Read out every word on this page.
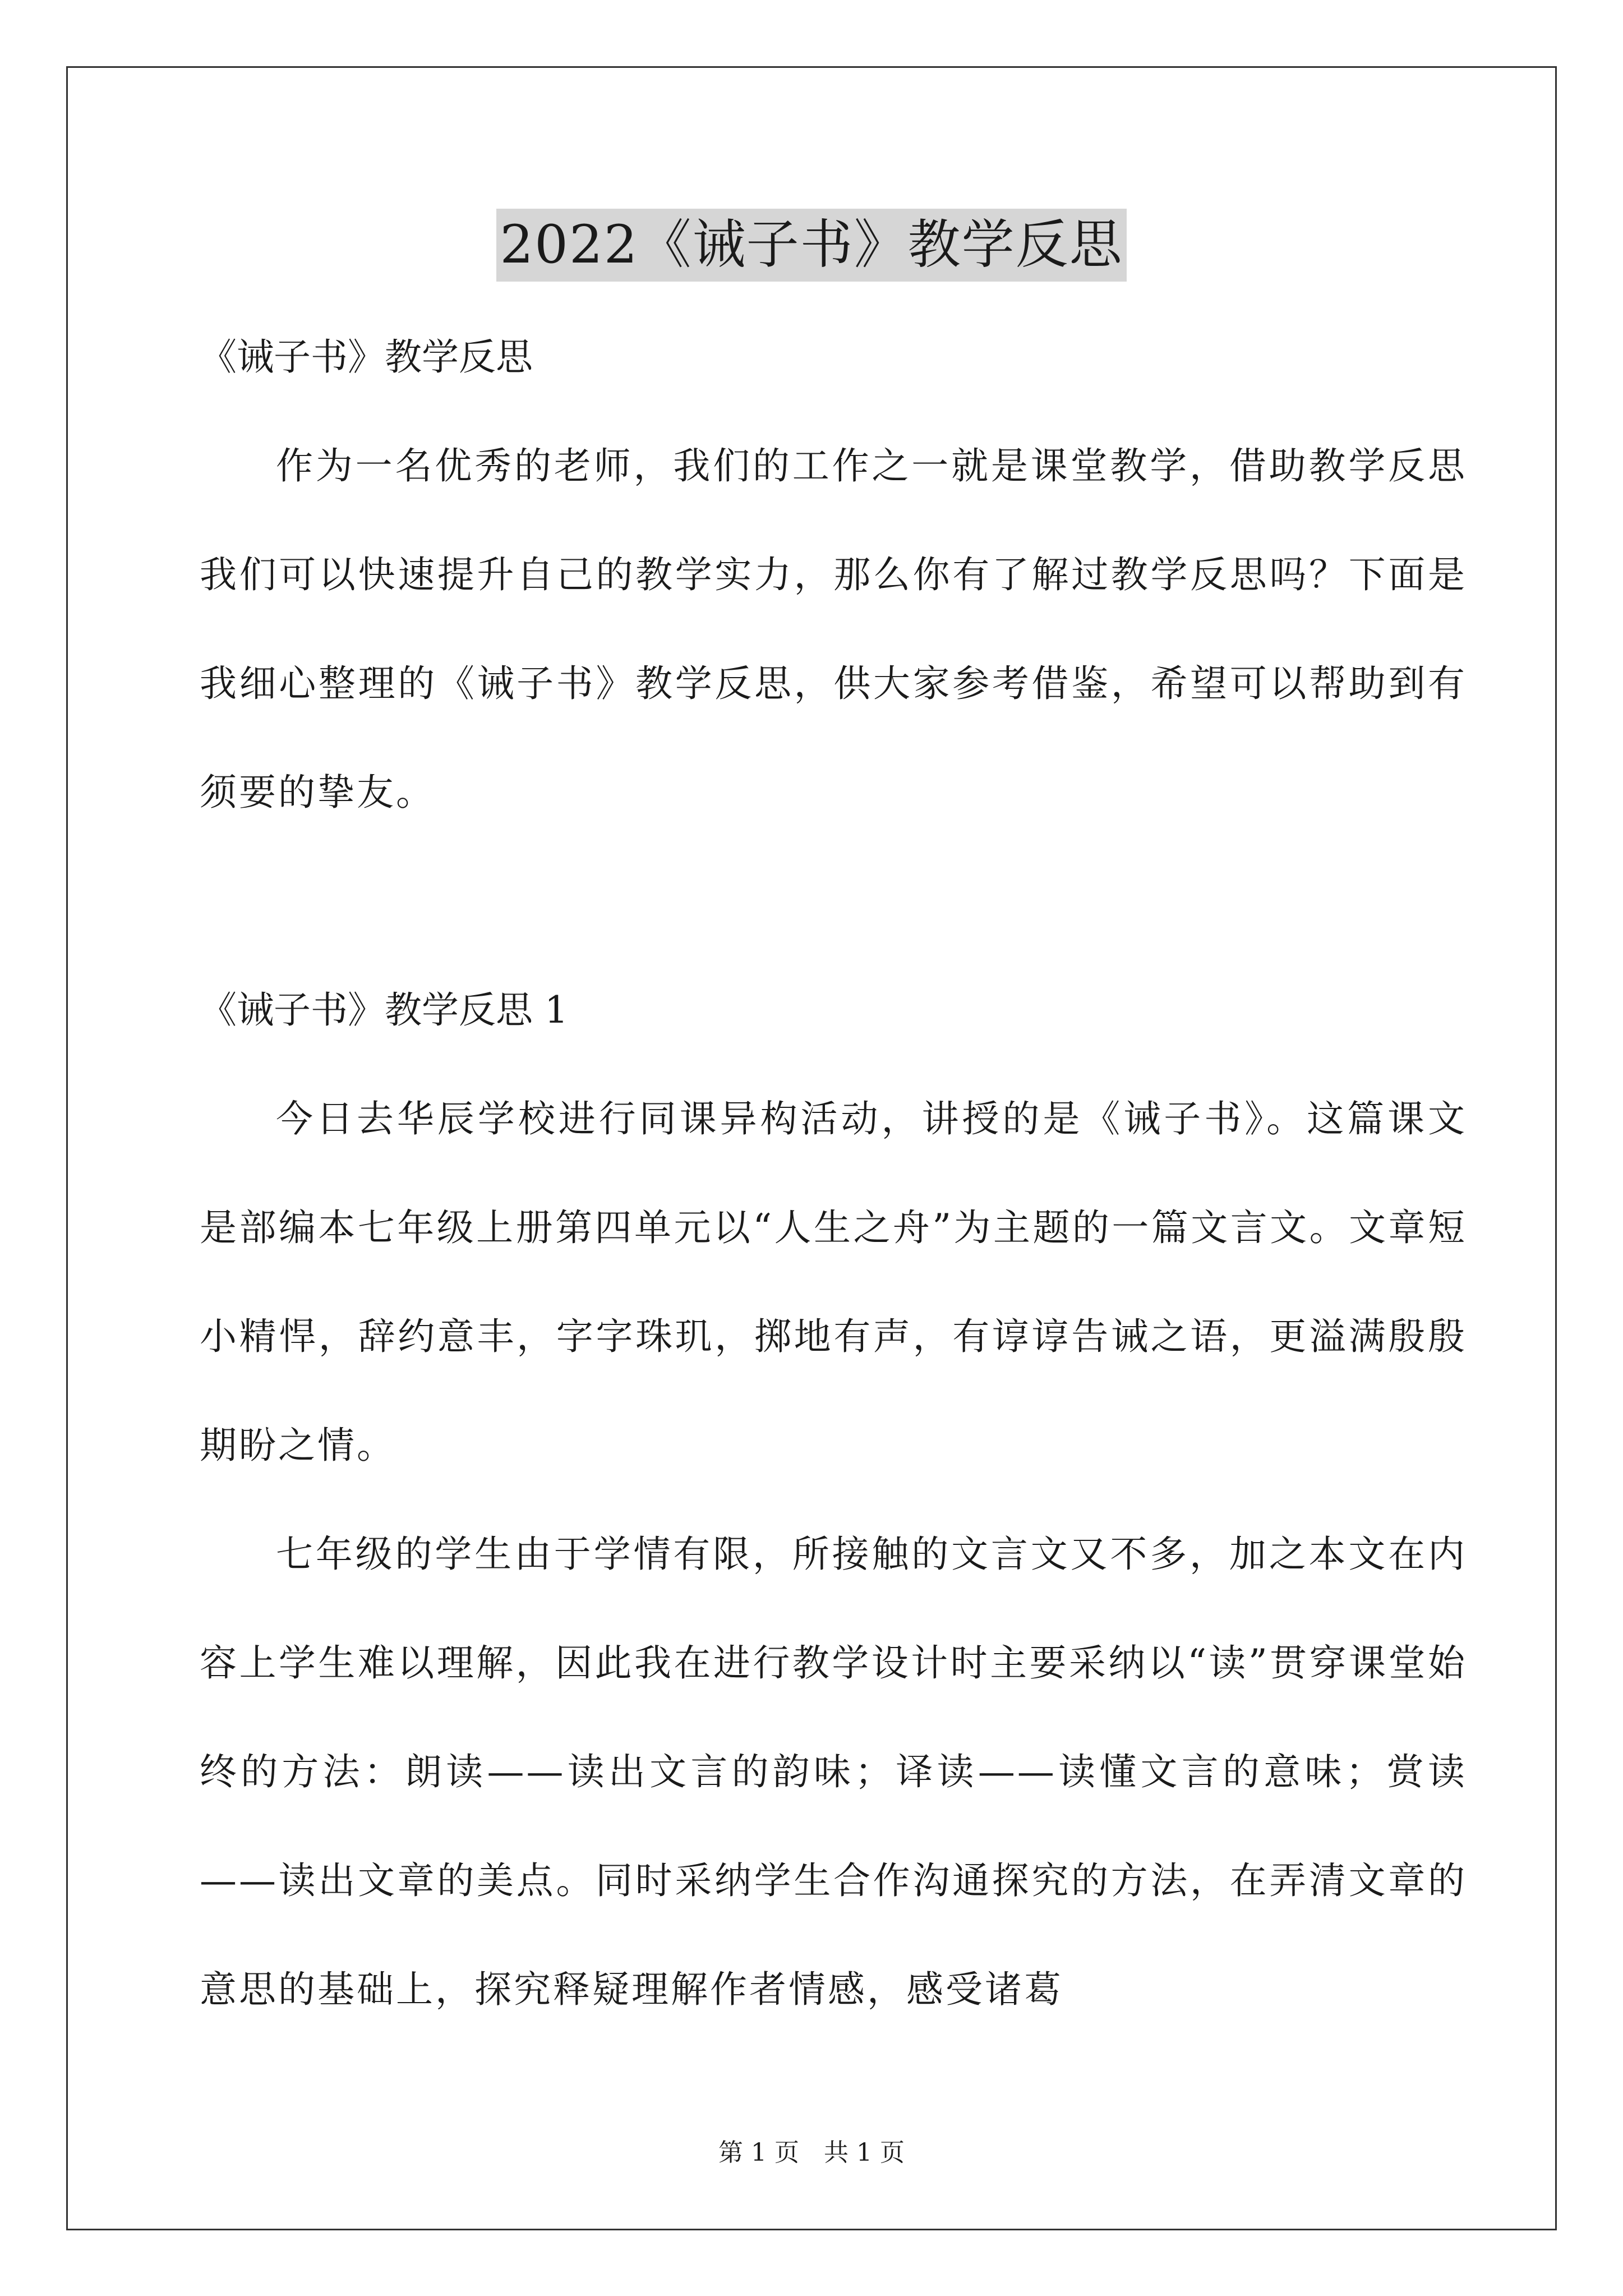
2022《诫子书》教学反思

《诫子书》教学反思

作为一名优秀的老师，我们的工作之一就是课堂教学，借助教学反思我们可以快速提升自己的教学实力，那么你有了解过教学反思吗？下面是我细心整理的《诫子书》教学反思，供大家参考借鉴，希望可以帮助到有须要的挚友。

《诫子书》教学反思 1

今日去华辰学校进行同课异构活动，讲授的是《诫子书》。这篇课文是部编本七年级上册第四单元以“人生之舟”为主题的一篇文言文。文章短小精悍，辞约意丰，字字珠玑，掷地有声，有谆谆告诫之语，更溢满殷殷期盼之情。

七年级的学生由于学情有限，所接触的文言文又不多，加之本文在内容上学生难以理解，因此我在进行教学设计时主要采纳以“读”贯穿课堂始终的方法：朗读——读出文言的韵味；译读——读懂文言的意味；赏读——读出文章的美点。同时采纳学生合作沟通探究的方法，在弄清文章的意思的基础上，探究释疑理解作者情感，感受诸葛

第 1 页　共 1 页
